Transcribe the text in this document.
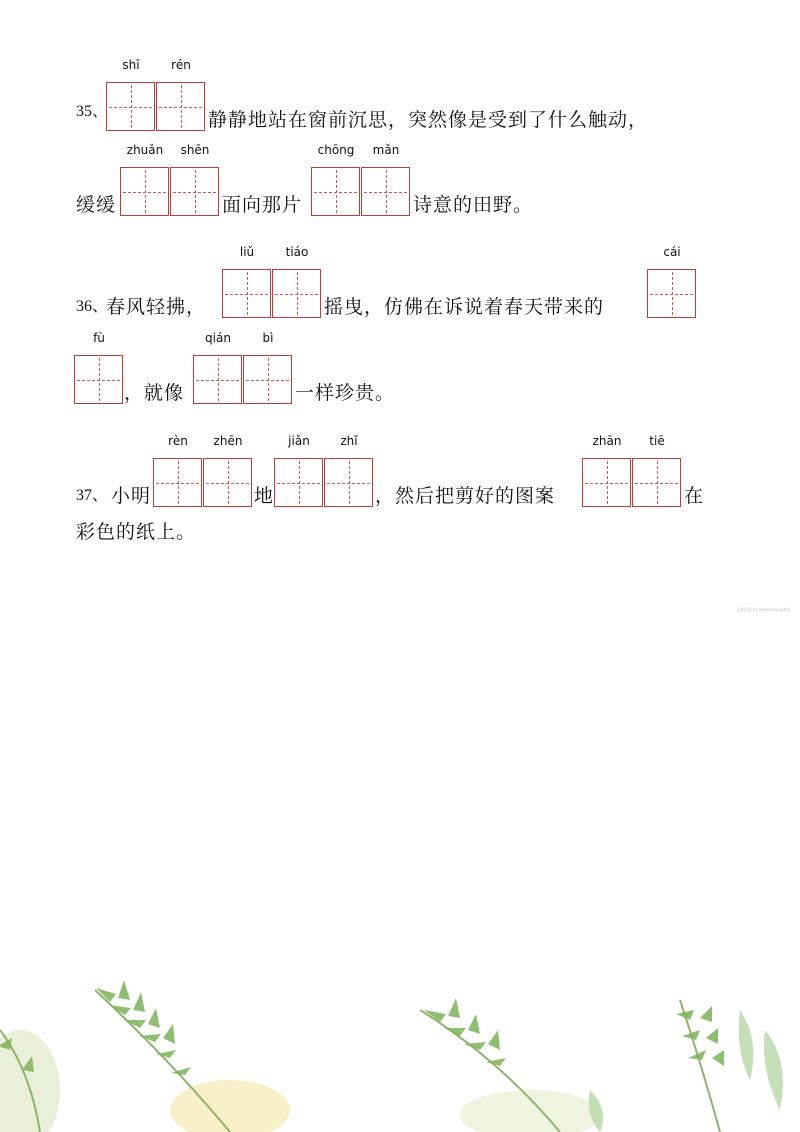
35、
shī	rén
静静地站在窗前沉思，突然像是受到了什么触动，
缓缓
zhuǎn	shēn
面向那片
chōng	mǎn
诗意的田野。
36、
春风轻拂，
liǔ	tiáo
摇曳，仿佛在诉说着春天带来的
cái
fù
，就像
qián	bì
一样珍贵。
37、 小明
rèn	zhēn
地
jiǎn	zhǐ
，然后把剪好的图案
zhān	tiē
在
彩色的纸上。
【本资源来自www.xxx.com】
